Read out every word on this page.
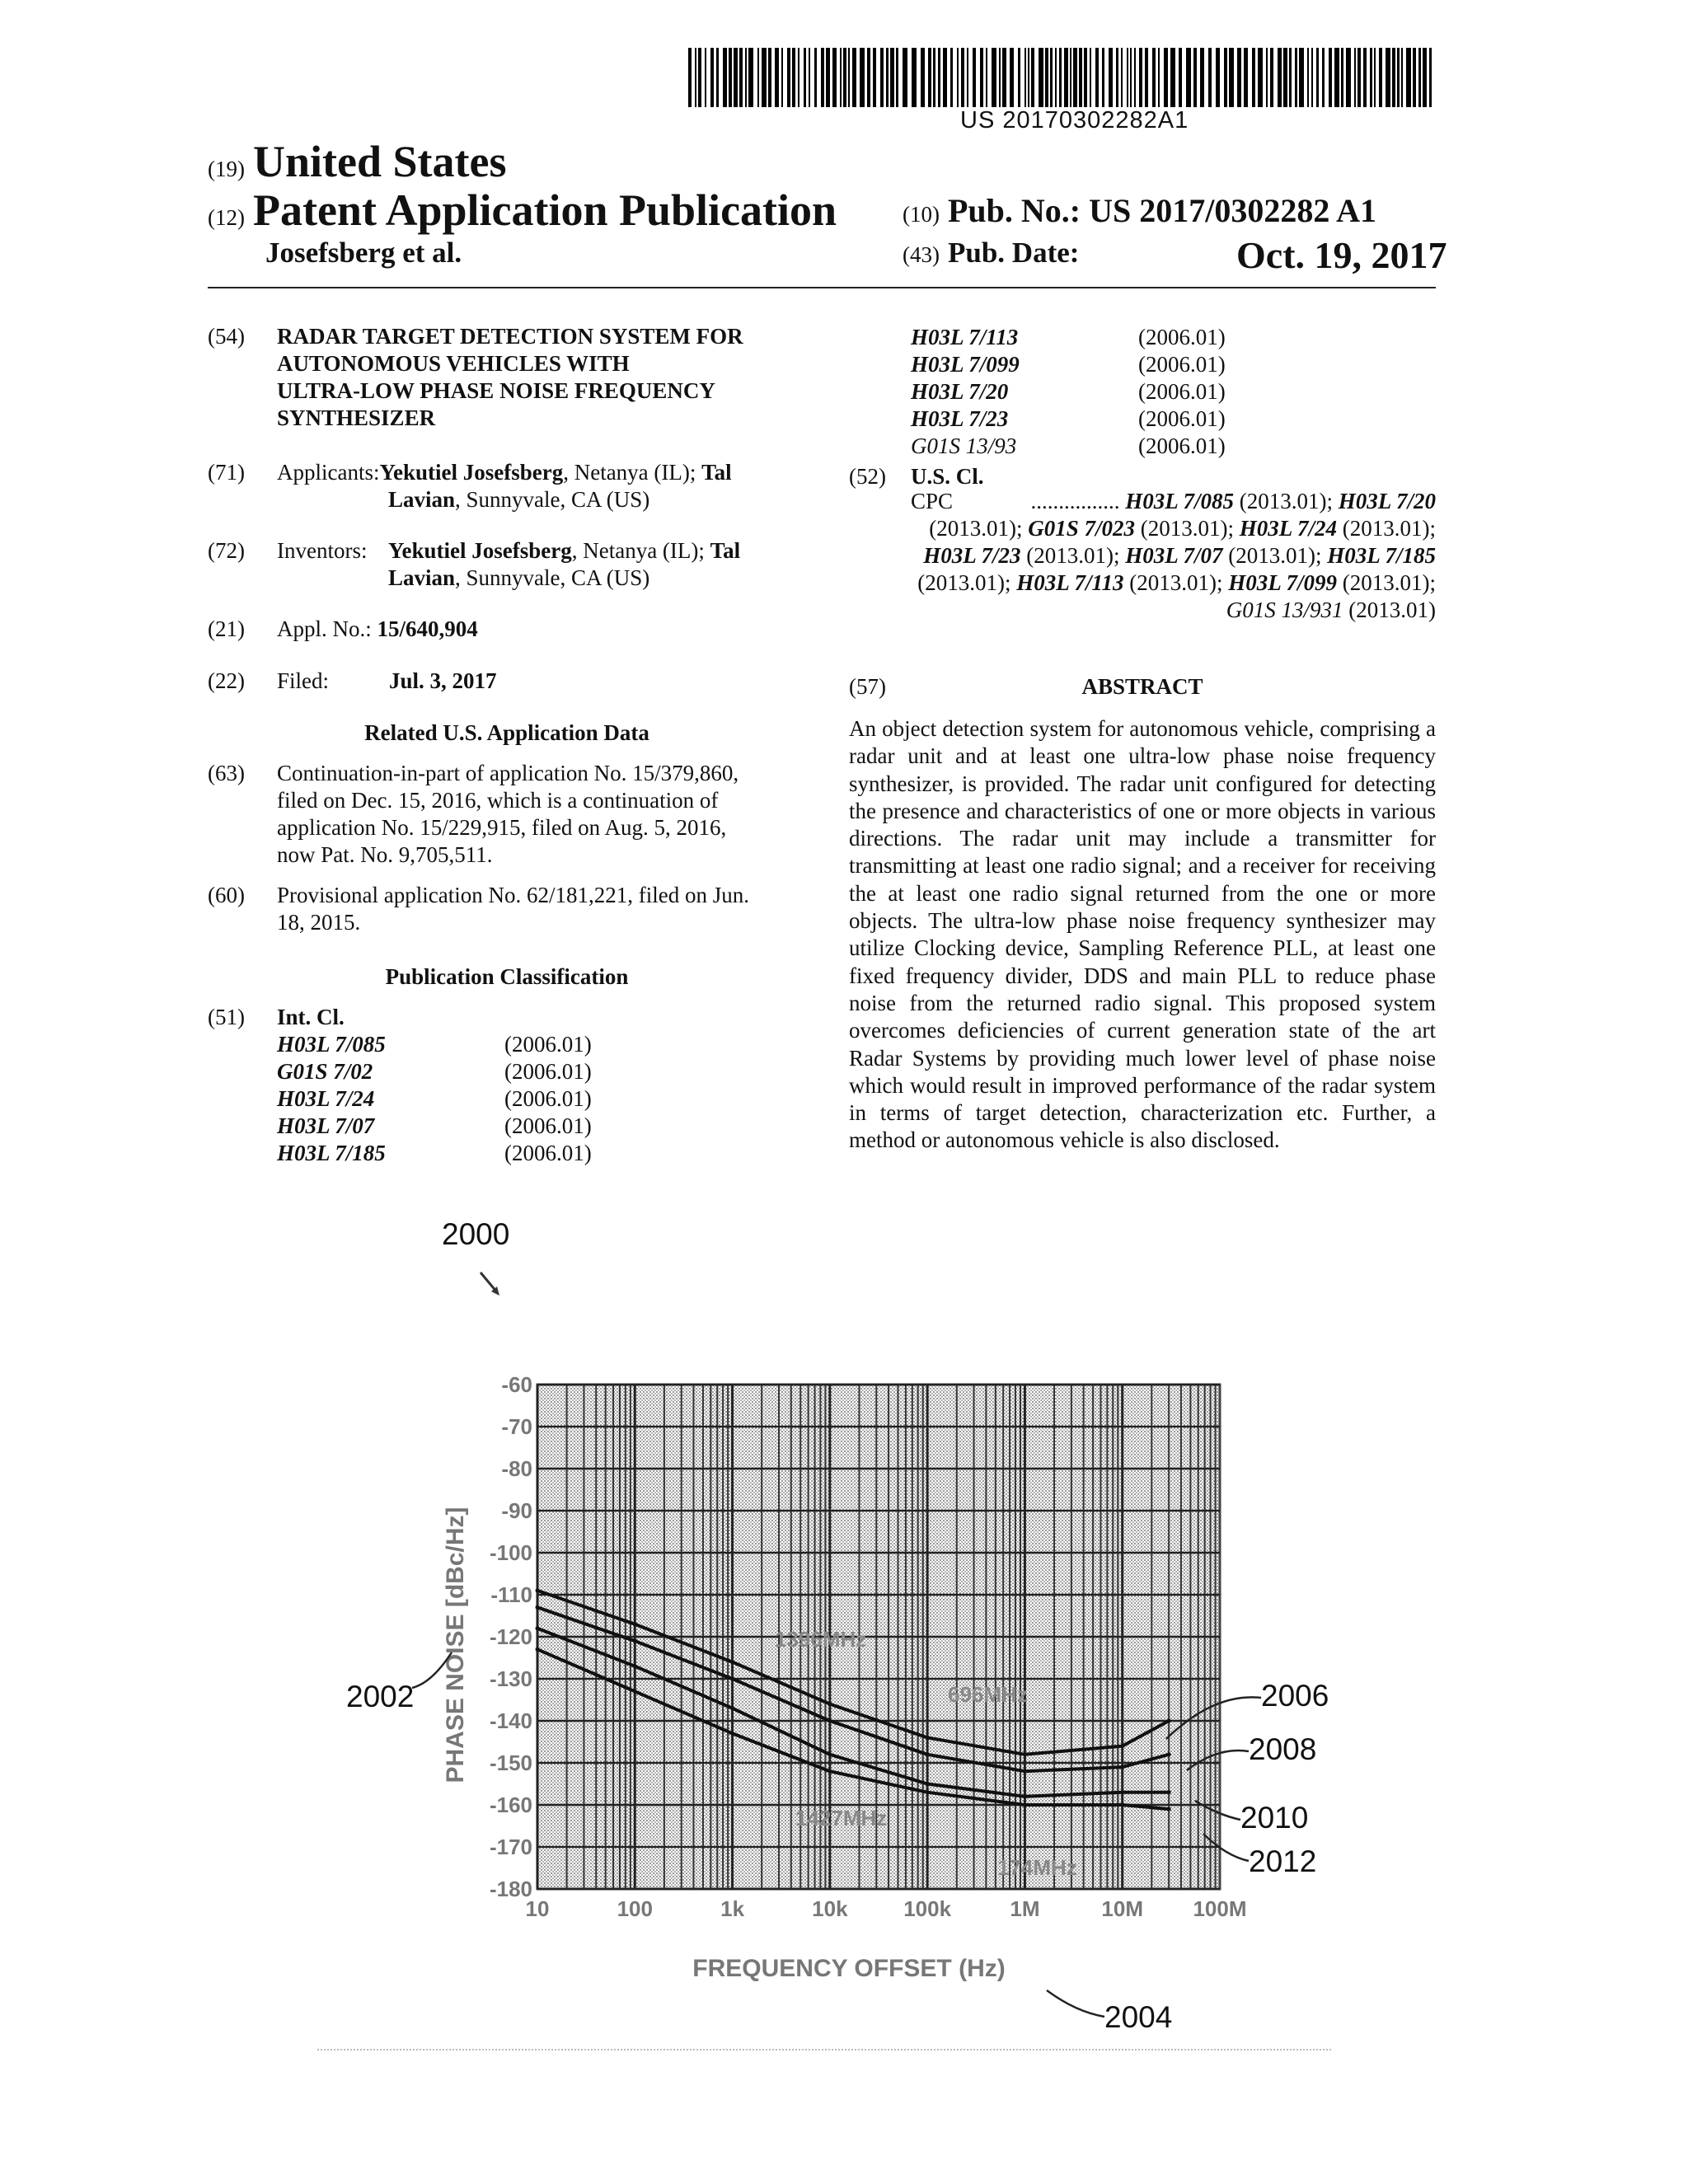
US 20170302282A1
(19) United States
(12) Patent Application Publication
Josefsberg et al.
(10) Pub. No.: US 2017/0302282 A1
(43) Pub. Date:	Oct. 19, 2017
(54) RADAR TARGET DETECTION SYSTEM FOR
AUTONOMOUS VEHICLES WITH
ULTRA-LOW PHASE NOISE FREQUENCY
SYNTHESIZER
(71) Applicants:Yekutiel Josefsberg, Netanya (IL); Tal
Lavian, Sunnyvale, CA (US)
(72) Inventors: Yekutiel Josefsberg, Netanya (IL); Tal
Lavian, Sunnyvale, CA (US)
(21) Appl. No.: 15/640,904
(22) Filed:	Jul. 3, 2017
Related U.S. Application Data
(63) Continuation-in-part of application No. 15/379,860,
filed on Dec. 15, 2016, which is a continuation of
application No. 15/229,915, filed on Aug. 5, 2016,
now Pat. No. 9,705,511.
(60) Provisional application No. 62/181,221, filed on Jun.
18, 2015.
Publication Classification
(51) Int. Cl.
H03L 7/085	(2006.01)
G01S 7/02	(2006.01)
H03L 7/24	(2006.01)
H03L 7/07	(2006.01)
H03L 7/185	(2006.01)
H03L 7/113	(2006.01)
H03L 7/099	(2006.01)
H03L 7/20	(2006.01)
H03L 7/23	(2006.01)
G01S 13/93	(2006.01)
(52) U.S. Cl.
CPC	................ H03L 7/085 (2013.01); H03L 7/20 (2013.01); G01S 7/023 (2013.01); H03L 7/24 (2013.01); H03L 7/23 (2013.01); H03L 7/07 (2013.01); H03L 7/185 (2013.01); H03L 7/113 (2013.01); H03L 7/099 (2013.01); G01S 13/931 (2013.01)
(57)	ABSTRACT
An object detection system for autonomous vehicle, comprising a radar unit and at least one ultra-low phase noise frequency synthesizer, is provided. The radar unit configured for detecting the presence and characteristics of one or more objects in various directions. The radar unit may include a transmitter for transmitting at least one radio signal; and a receiver for receiving the at least one radio signal returned from the one or more objects. The ultra-low phase noise frequency synthesizer may utilize Clocking device, Sampling Reference PLL, at least one fixed frequency divider, DDS and main PLL to reduce phase noise from the returned radio signal. This proposed system overcomes deficiencies of current generation state of the art Radar Systems by providing much lower level of phase noise which would result in improved performance of the radar system in terms of target detection, characterization etc. Further, a method or autonomous vehicle is also disclosed.
2000
-60
-70
-80
-90
-100
-110
-120
-130
-140
-150
-160
-170
-180
10	100	1k	10k	100k	1M	10M 100M
PHASE NOISE [dBc/Hz]
FREQUENCY OFFSET (Hz)
1396MHz
696MHz
1427MHz
174MHz
2002	2006
2008
2010
2012
2004
